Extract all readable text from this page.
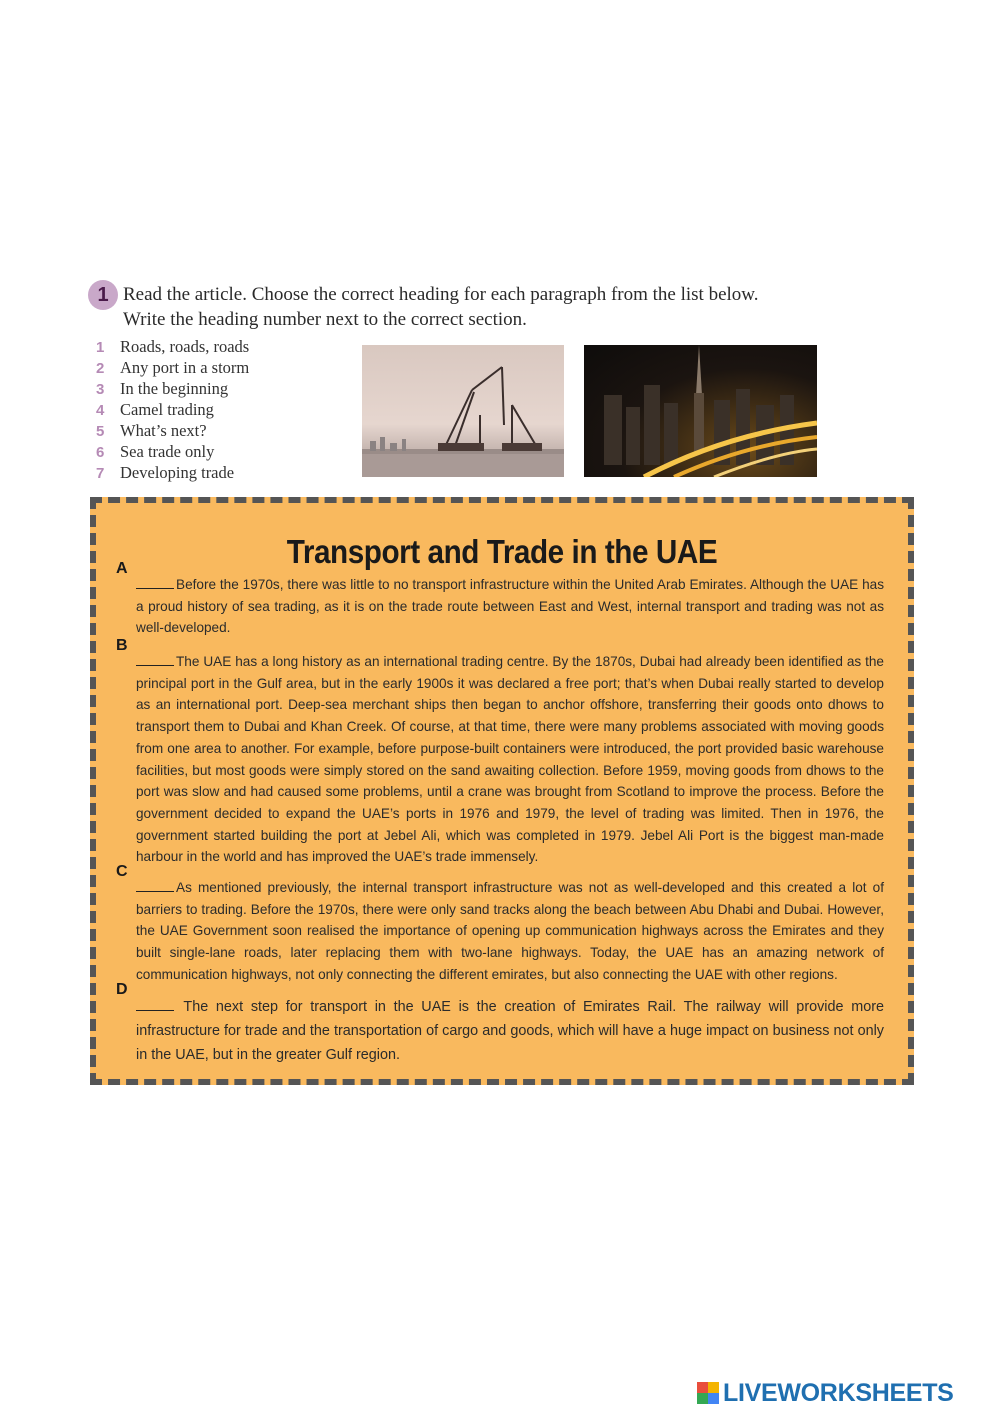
1 Read the article. Choose the correct heading for each paragraph from the list below.
Write the heading number next to the correct section.
1 Roads, roads, roads
2 Any port in a storm
3 In the beginning
4 Camel trading
5 What’s next?
6 Sea trade only
7 Developing trade
Transport and Trade in the UAE
A

Before the 1970s, there was little to no transport infrastructure within the United Arab Emirates. Although the UAE has a proud history of sea trading, as it is on the trade route between East and West, internal transport and trading was not as well-developed.

B

The UAE has a long history as an international trading centre. By the 1870s, Dubai had already been identified as the principal port in the Gulf area, but in the early 1900s it was declared a free port; that’s when Dubai really started to develop as an international port. Deep-sea merchant ships then began to anchor offshore, transferring their goods onto dhows to transport them to Dubai and Khan Creek. Of course, at that time, there were many problems associated with moving goods from one area to another. For example, before purpose-built containers were introduced, the port provided basic warehouse facilities, but most goods were simply stored on the sand awaiting collection. Before 1959, moving goods from dhows to the port was slow and had caused some problems, until a crane was brought from Scotland to improve the process. Before the government decided to expand the UAE’s ports in 1976 and 1979, the level of trading was limited. Then in 1976, the government started building the port at Jebel Ali, which was completed in 1979. Jebel Ali Port is the biggest man-made harbour in the world and has improved the UAE’s trade immensely.

C

As mentioned previously, the internal transport infrastructure was not as well-developed and this created a lot of barriers to trading. Before the 1970s, there were only sand tracks along the beach between Abu Dhabi and Dubai. However, the UAE Government soon realised the importance of opening up communication highways across the Emirates and they built single-lane roads, later replacing them with two-lane highways. Today, the UAE has an amazing network of communication highways, not only connecting the different emirates, but also connecting the UAE with other regions.

D

The next step for transport in the UAE is the creation of Emirates Rail. The railway will provide more infrastructure for trade and the transportation of cargo and goods, which will have a huge impact on business not only in the UAE, but in the greater Gulf region.

LIVEWORKSHEETS
